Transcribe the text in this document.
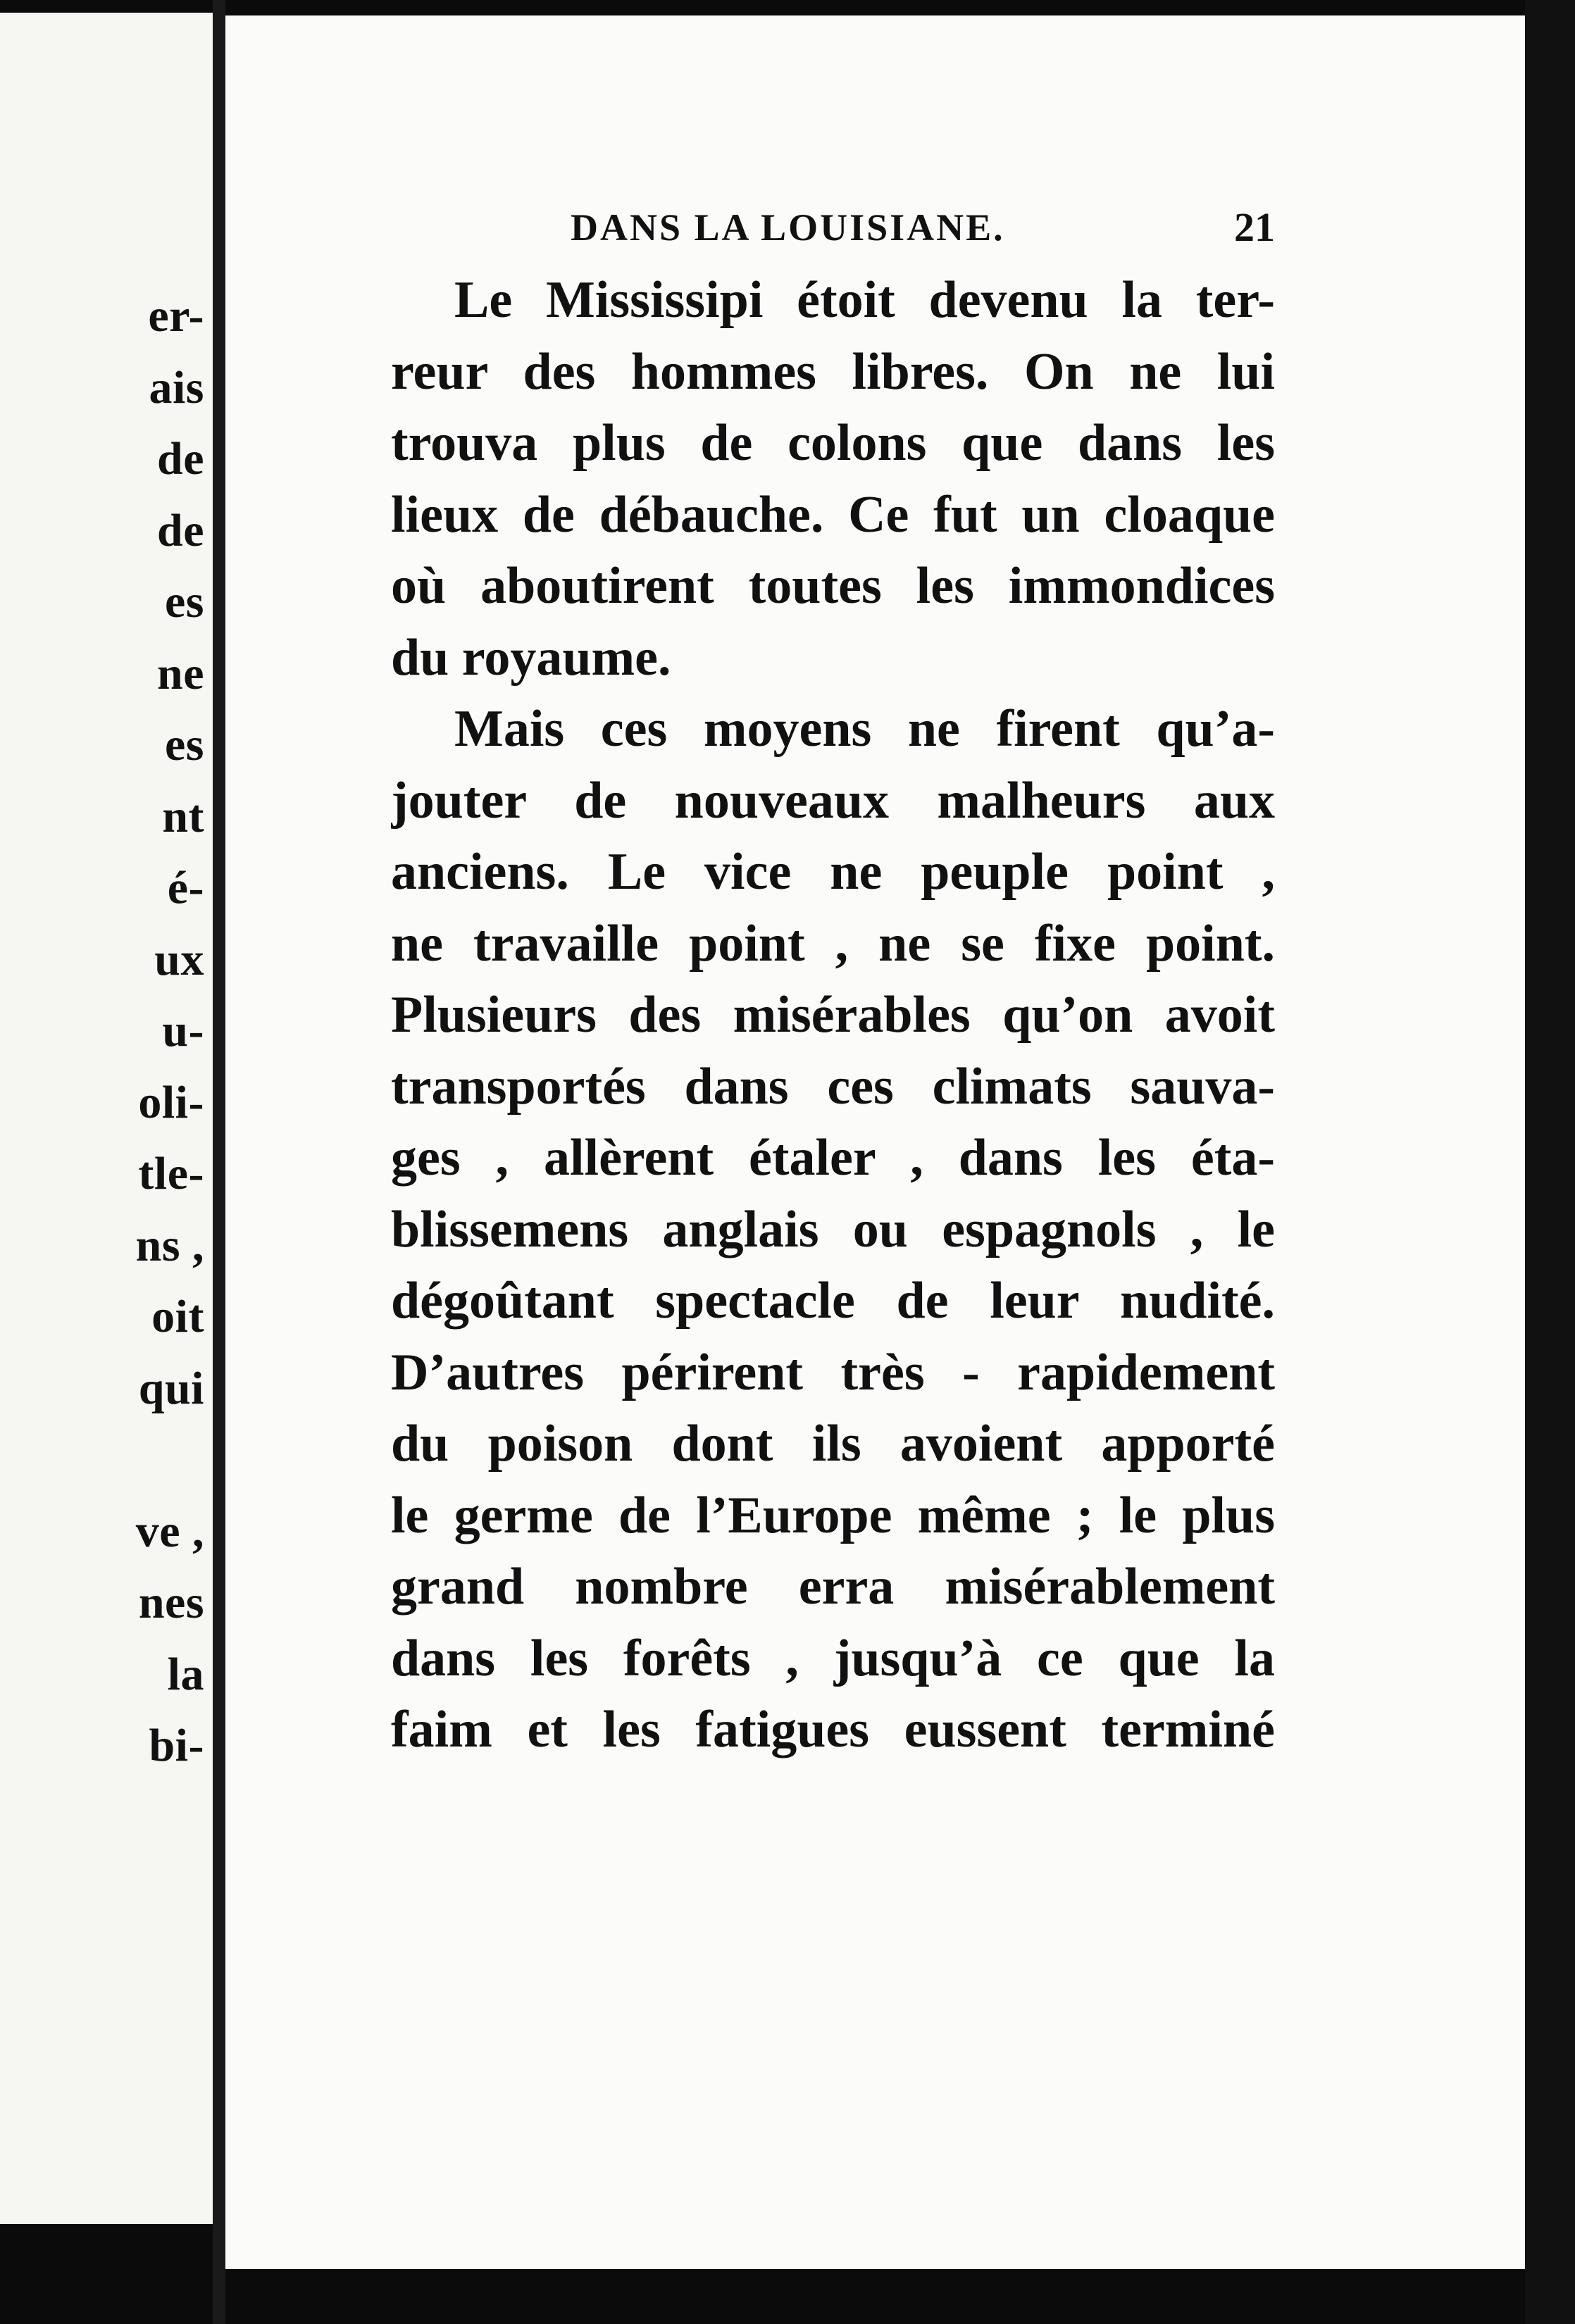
er-
ais
de
de
es
ne
es
nt
é-
ux
u-
oli-
tle-
ns ,
oit
qui
ve ,
nes
la
bi-
DANS LA LOUISIANE.	21
Le Mississipi étoit devenu la ter-
reur des hommes libres. On ne lui
trouva plus de colons que dans les
lieux de débauche. Ce fut un cloaque
où aboutirent toutes les immondices
du royaume.
Mais ces moyens ne firent qu’a-
jouter de nouveaux malheurs aux
anciens. Le vice ne peuple point ,
ne travaille point , ne se fixe point.
Plusieurs des misérables qu’on avoit
transportés dans ces climats sauva-
ges , allèrent étaler , dans les éta-
blissemens anglais ou espagnols , le
dégoûtant spectacle de leur nudité.
D’autres périrent très - rapidement
du poison dont ils avoient apporté
le germe de l’Europe même ; le plus
grand nombre erra misérablement
dans les forêts , jusqu’à ce que la
faim et les fatigues eussent terminé
